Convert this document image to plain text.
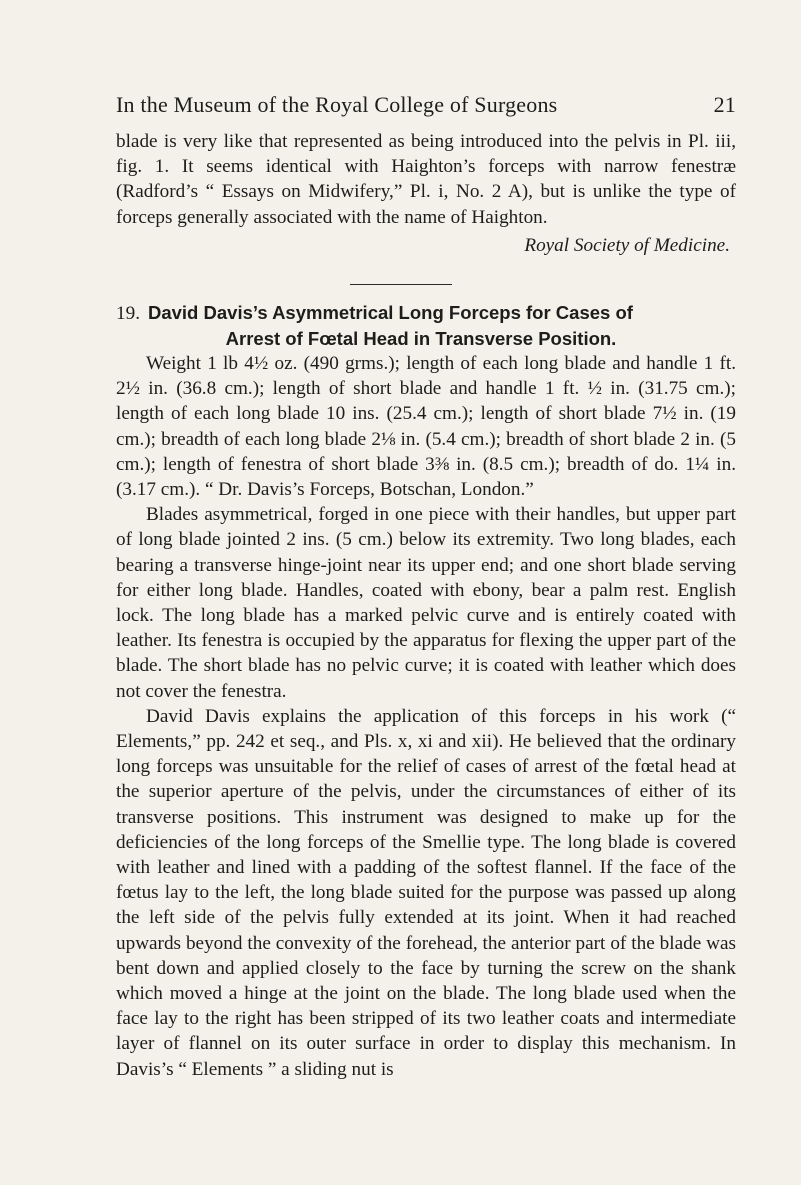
In the Museum of the Royal College of Surgeons	21

blade is very like that represented as being introduced into the pelvis in Pl. iii, fig. 1. It seems identical with Haighton’s forceps with narrow fenestræ (Radford’s “ Essays on Midwifery,” Pl. i, No. 2 A), but is unlike the type of forceps generally associated with the name of Haighton.

Royal Society of Medicine.
19. David Davis’s Asymmetrical Long Forceps for Cases of
Arrest of Fœtal Head in Transverse Position.

Weight 1 lb 4½ oz. (490 grms.); length of each long blade and handle 1 ft. 2½ in. (36.8 cm.); length of short blade and handle 1 ft. ½ in. (31.75 cm.); length of each long blade 10 ins. (25.4 cm.); length of short blade 7½ in. (19 cm.); breadth of each long blade 2⅛ in. (5.4 cm.); breadth of short blade 2 in. (5 cm.); length of fenestra of short blade 3⅜ in. (8.5 cm.); breadth of do. 1¼ in. (3.17 cm.). “ Dr. Davis’s Forceps, Botschan, London.”

Blades asymmetrical, forged in one piece with their handles, but upper part of long blade jointed 2 ins. (5 cm.) below its extremity. Two long blades, each bearing a transverse hinge-joint near its upper end; and one short blade serving for either long blade. Handles, coated with ebony, bear a palm rest. English lock. The long blade has a marked pelvic curve and is entirely coated with leather. Its fenestra is occupied by the apparatus for flexing the upper part of the blade. The short blade has no pelvic curve; it is coated with leather which does not cover the fenestra.

David Davis explains the application of this forceps in his work (“ Elements,” pp. 242 et seq., and Pls. x, xi and xii). He believed that the ordinary long forceps was unsuitable for the relief of cases of arrest of the fœtal head at the superior aperture of the pelvis, under the circumstances of either of its transverse positions. This instrument was designed to make up for the deficiencies of the long forceps of the Smellie type. The long blade is covered with leather and lined with a padding of the softest flannel. If the face of the fœtus lay to the left, the long blade suited for the purpose was passed up along the left side of the pelvis fully extended at its joint. When it had reached upwards beyond the convexity of the forehead, the anterior part of the blade was bent down and applied closely to the face by turning the screw on the shank which moved a hinge at the joint on the blade. The long blade used when the face lay to the right has been stripped of its two leather coats and intermediate layer of flannel on its outer surface in order to display this mechanism. In Davis’s “ Elements ” a sliding nut is
